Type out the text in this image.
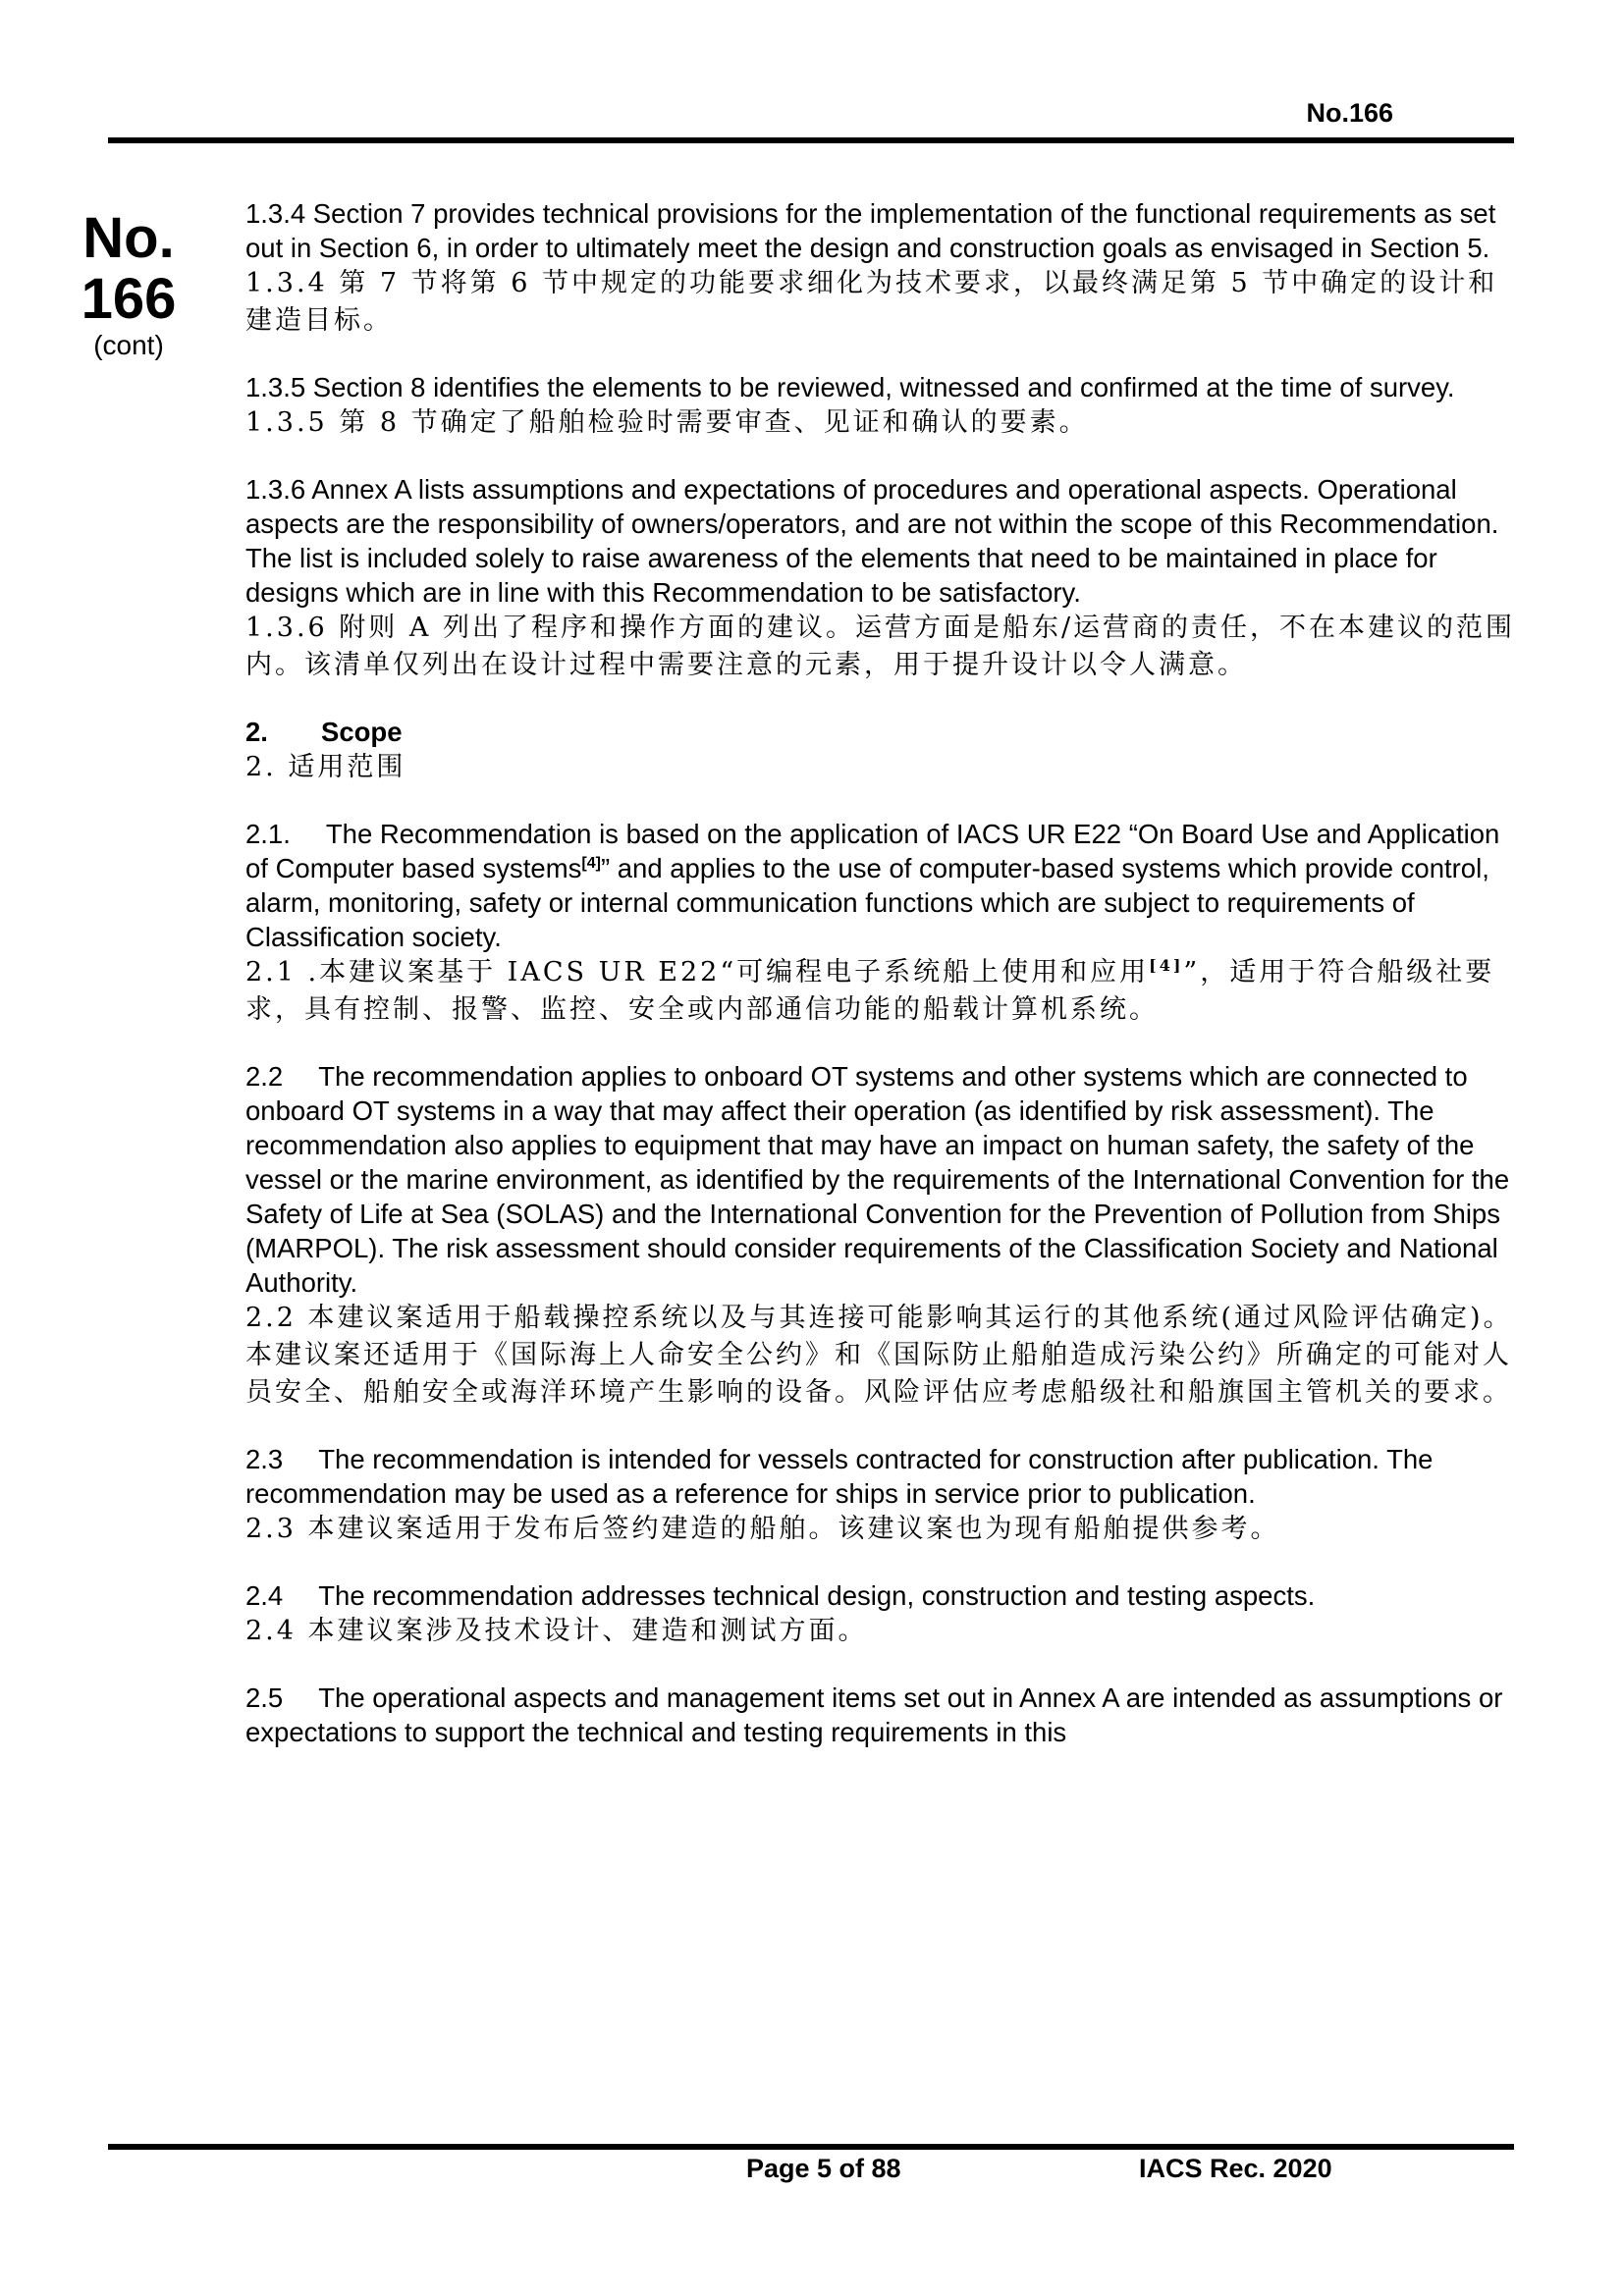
No.166

No.
166
(cont)

1.3.4 Section 7 provides technical provisions for the implementation of the functional requirements as set out in Section 6, in order to ultimately meet the design and construction goals as envisaged in Section 5.

1.3.4 第 7 节将第 6 节中规定的功能要求细化为技术要求，以最终满足第 5 节中确定的设计和建造目标。

1.3.5 Section 8 identifies the elements to be reviewed, witnessed and confirmed at the time of survey.

1.3.5 第 8 节确定了船舶检验时需要审查、见证和确认的要素。

1.3.6 Annex A lists assumptions and expectations of procedures and operational aspects. Operational aspects are the responsibility of owners/operators, and are not within the scope of this Recommendation. The list is included solely to raise awareness of the elements that need to be maintained in place for designs which are in line with this Recommendation to be satisfactory.

1.3.6 附则 A 列出了程序和操作方面的建议。运营方面是船东/运营商的责任，不在本建议的范围内。该清单仅列出在设计过程中需要注意的元素，用于提升设计以令人满意。

2. Scope

2. 适用范围

2.1. The Recommendation is based on the application of IACS UR E22 “On Board Use and Application of Computer based systems[4]” and applies to the use of computer-based systems which provide control, alarm, monitoring, safety or internal communication functions which are subject to requirements of Classification society.

2.1 .本建议案基于 IACS UR E22“可编程电子系统船上使用和应用[4]”，适用于符合船级社要求，具有控制、报警、监控、安全或内部通信功能的船载计算机系统。

2.2 The recommendation applies to onboard OT systems and other systems which are connected to onboard OT systems in a way that may affect their operation (as identified by risk assessment). The recommendation also applies to equipment that may have an impact on human safety, the safety of the vessel or the marine environment, as identified by the requirements of the International Convention for the Safety of Life at Sea (SOLAS) and the International Convention for the Prevention of Pollution from Ships (MARPOL). The risk assessment should consider requirements of the Classification Society and National Authority.

2.2 本建议案适用于船载操控系统以及与其连接可能影响其运行的其他系统(通过风险评估确定)。本建议案还适用于《国际海上人命安全公约》和《国际防止船舶造成污染公约》所确定的可能对人员安全、船舶安全或海洋环境产生影响的设备。风险评估应考虑船级社和船旗国主管机关的要求。

2.3 The recommendation is intended for vessels contracted for construction after publication. The recommendation may be used as a reference for ships in service prior to publication.

2.3 本建议案适用于发布后签约建造的船舶。该建议案也为现有船舶提供参考。

2.4 The recommendation addresses technical design, construction and testing aspects.

2.4 本建议案涉及技术设计、建造和测试方面。

2.5 The operational aspects and management items set out in Annex A are intended as assumptions or expectations to support the technical and testing requirements in this

Page 5 of 88	IACS Rec. 2020
